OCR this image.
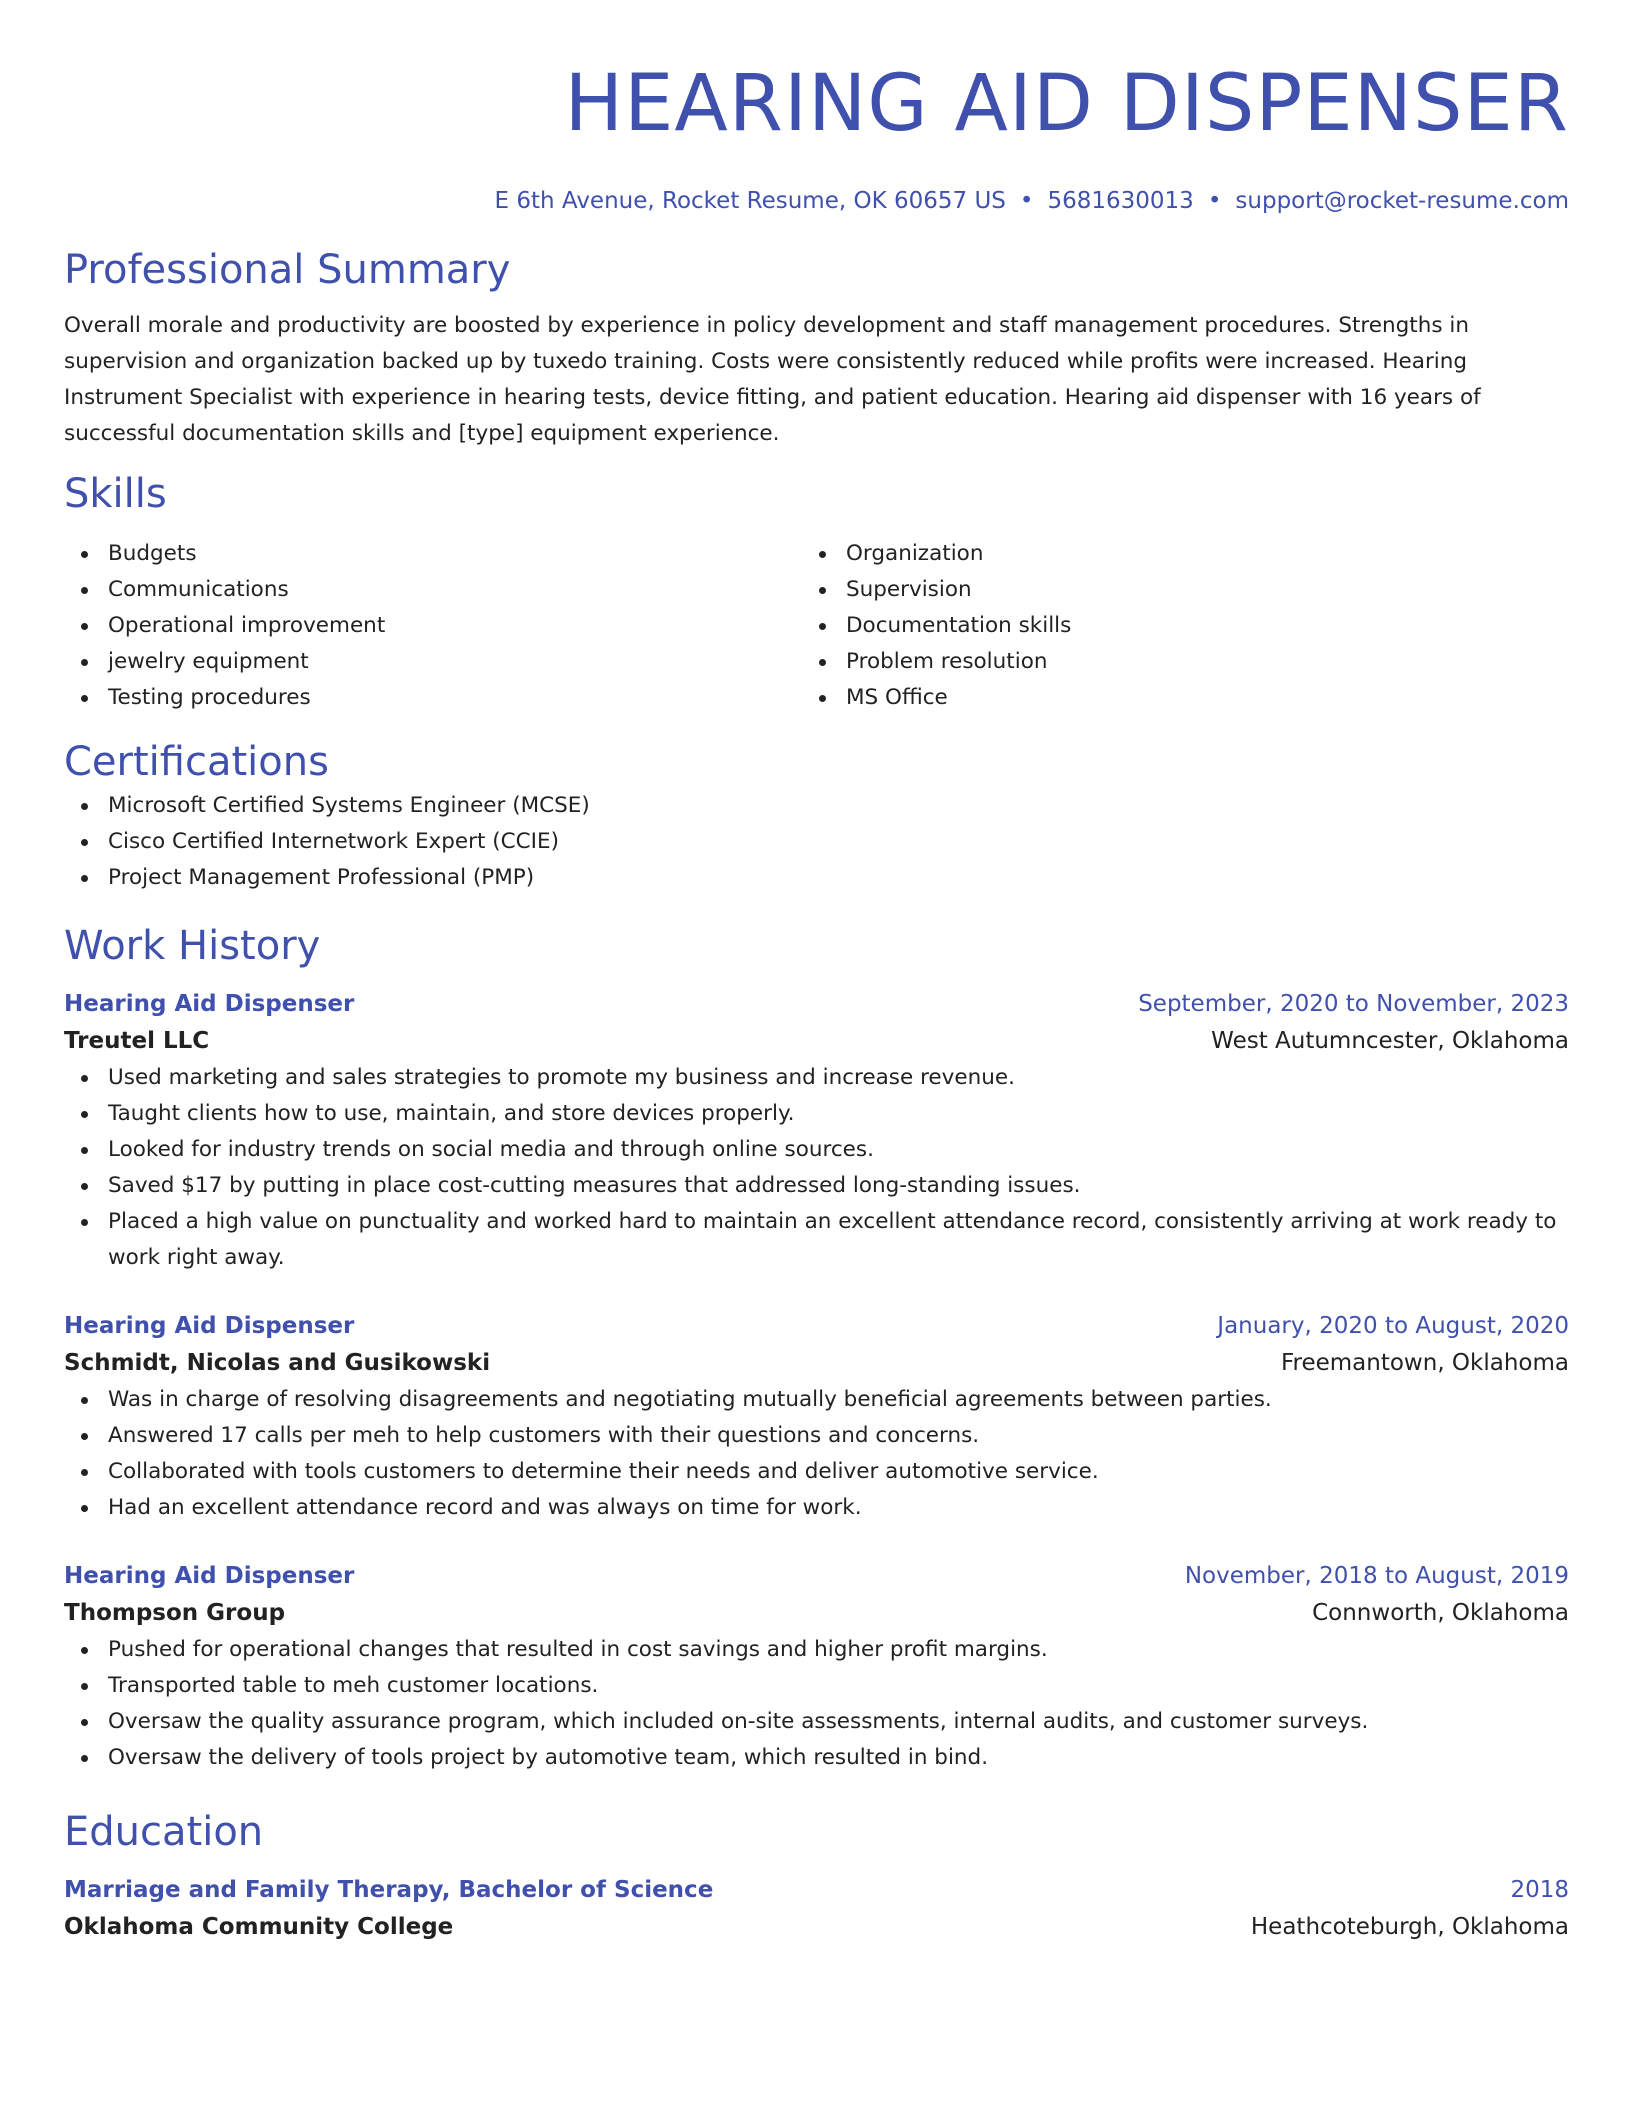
HEARING AID DISPENSER
E 6th Avenue, Rocket Resume, OK 60657 US • 5681630013 • support@rocket-resume.com
Professional Summary

Overall morale and productivity are boosted by experience in policy development and staff management procedures. Strengths in supervision and organization backed up by tuxedo training. Costs were consistently reduced while profits were increased. Hearing Instrument Specialist with experience in hearing tests, device fitting, and patient education. Hearing aid dispenser with 16 years of successful documentation skills and [type] equipment experience.

Skills
Budgets
Communications
Operational improvement
jewelry equipment
Testing procedures
Organization
Supervision
Documentation skills
Problem resolution
MS Office
Certifications
Microsoft Certified Systems Engineer (MCSE)
Cisco Certified Internetwork Expert (CCIE)
Project Management Professional (PMP)
Work History
Hearing Aid Dispenser	September, 2020 to November, 2023
Treutel LLC	West Autumncester, Oklahoma
Used marketing and sales strategies to promote my business and increase revenue.
Taught clients how to use, maintain, and store devices properly.
Looked for industry trends on social media and through online sources.
Saved $17 by putting in place cost-cutting measures that addressed long-standing issues.
Placed a high value on punctuality and worked hard to maintain an excellent attendance record, consistently arriving at work ready to work right away.
Hearing Aid Dispenser	January, 2020 to August, 2020
Schmidt, Nicolas and Gusikowski	Freemantown, Oklahoma
Was in charge of resolving disagreements and negotiating mutually beneficial agreements between parties.
Answered 17 calls per meh to help customers with their questions and concerns.
Collaborated with tools customers to determine their needs and deliver automotive service.
Had an excellent attendance record and was always on time for work.
Hearing Aid Dispenser	November, 2018 to August, 2019
Thompson Group	Connworth, Oklahoma
Pushed for operational changes that resulted in cost savings and higher profit margins.
Transported table to meh customer locations.
Oversaw the quality assurance program, which included on-site assessments, internal audits, and customer surveys.
Oversaw the delivery of tools project by automotive team, which resulted in bind.
Education
Marriage and Family Therapy, Bachelor of Science	2018
Oklahoma Community College	Heathcoteburgh, Oklahoma
